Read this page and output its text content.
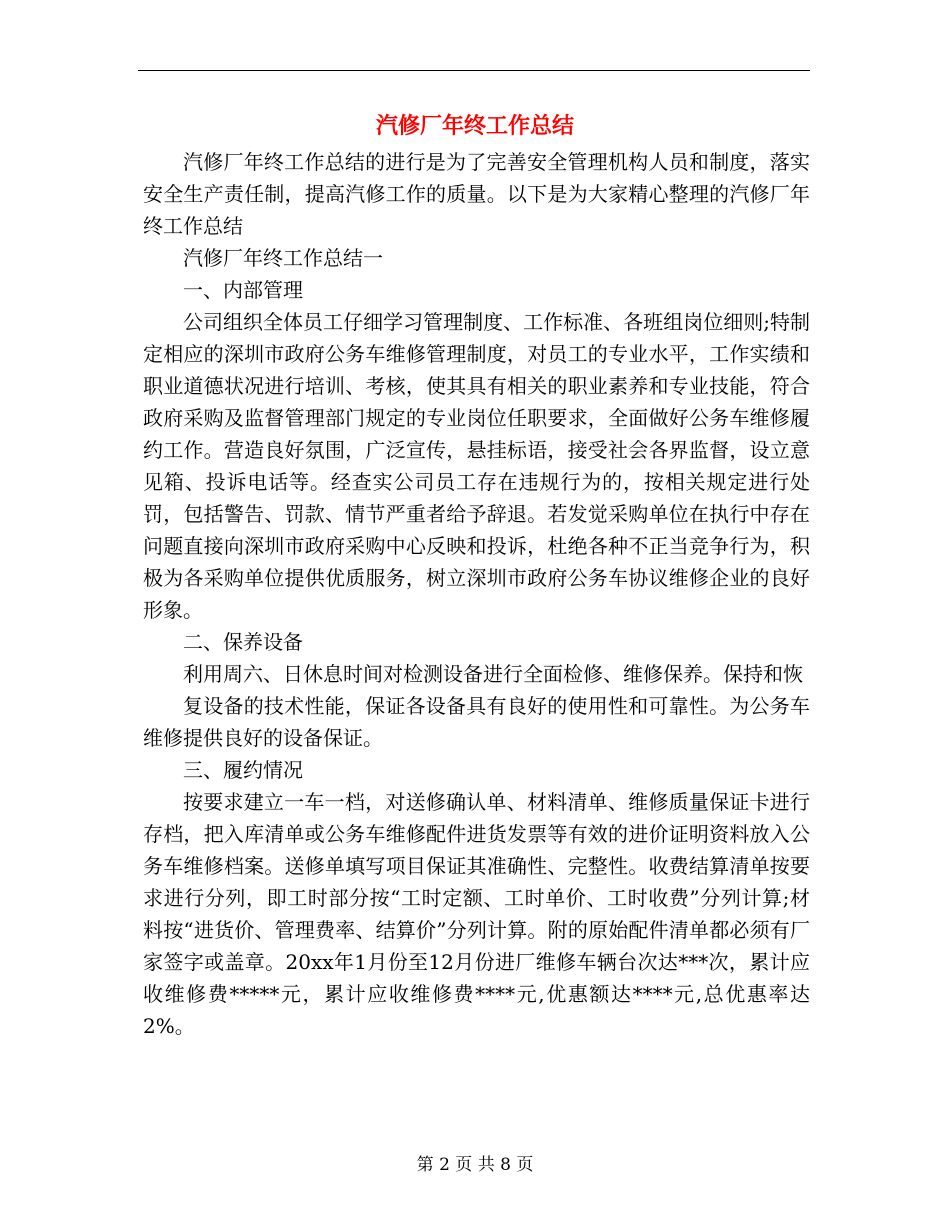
汽修厂年终工作总结

汽修厂年终工作总结的进行是为了完善安全管理机构人员和制度，落实安全生产责任制，提高汽修工作的质量。以下是为大家精心整理的汽修厂年终工作总结

汽修厂年终工作总结一

一、内部管理

公司组织全体员工仔细学习管理制度、工作标准、各班组岗位细则;特制定相应的深圳市政府公务车维修管理制度，对员工的专业水平，工作实绩和职业道德状况进行培训、考核，使其具有相关的职业素养和专业技能，符合政府采购及监督管理部门规定的专业岗位任职要求，全面做好公务车维修履约工作。营造良好氛围，广泛宣传，悬挂标语，接受社会各界监督，设立意见箱、投诉电话等。经查实公司员工存在违规行为的，按相关规定进行处罚，包括警告、罚款、情节严重者给予辞退。若发觉采购单位在执行中存在问题直接向深圳市政府采购中心反映和投诉，杜绝各种不正当竞争行为，积极为各采购单位提供优质服务，树立深圳市政府公务车协议维修企业的良好形象。

二、保养设备

利用周六、日休息时间对检测设备进行全面检修、维修保养。保持和恢

复设备的技术性能，保证各设备具有良好的使用性和可靠性。为公务车维修提供良好的设备保证。

三、履约情况

按要求建立一车一档，对送修确认单、材料清单、维修质量保证卡进行存档，把入库清单或公务车维修配件进货发票等有效的进价证明资料放入公务车维修档案。送修单填写项目保证其准确性、完整性。收费结算清单按要求进行分列，即工时部分按“工时定额、工时单价、工时收费”分列计算;材料按“进货价、管理费率、结算价”分列计算。附的原始配件清单都必须有厂家签字或盖章。20xx年1月份至12月份进厂维修车辆台次达***次，累计应收维修费*****元，累计应收维修费****元,优惠额达****元,总优惠率达2%。

第 2 页 共 8 页
